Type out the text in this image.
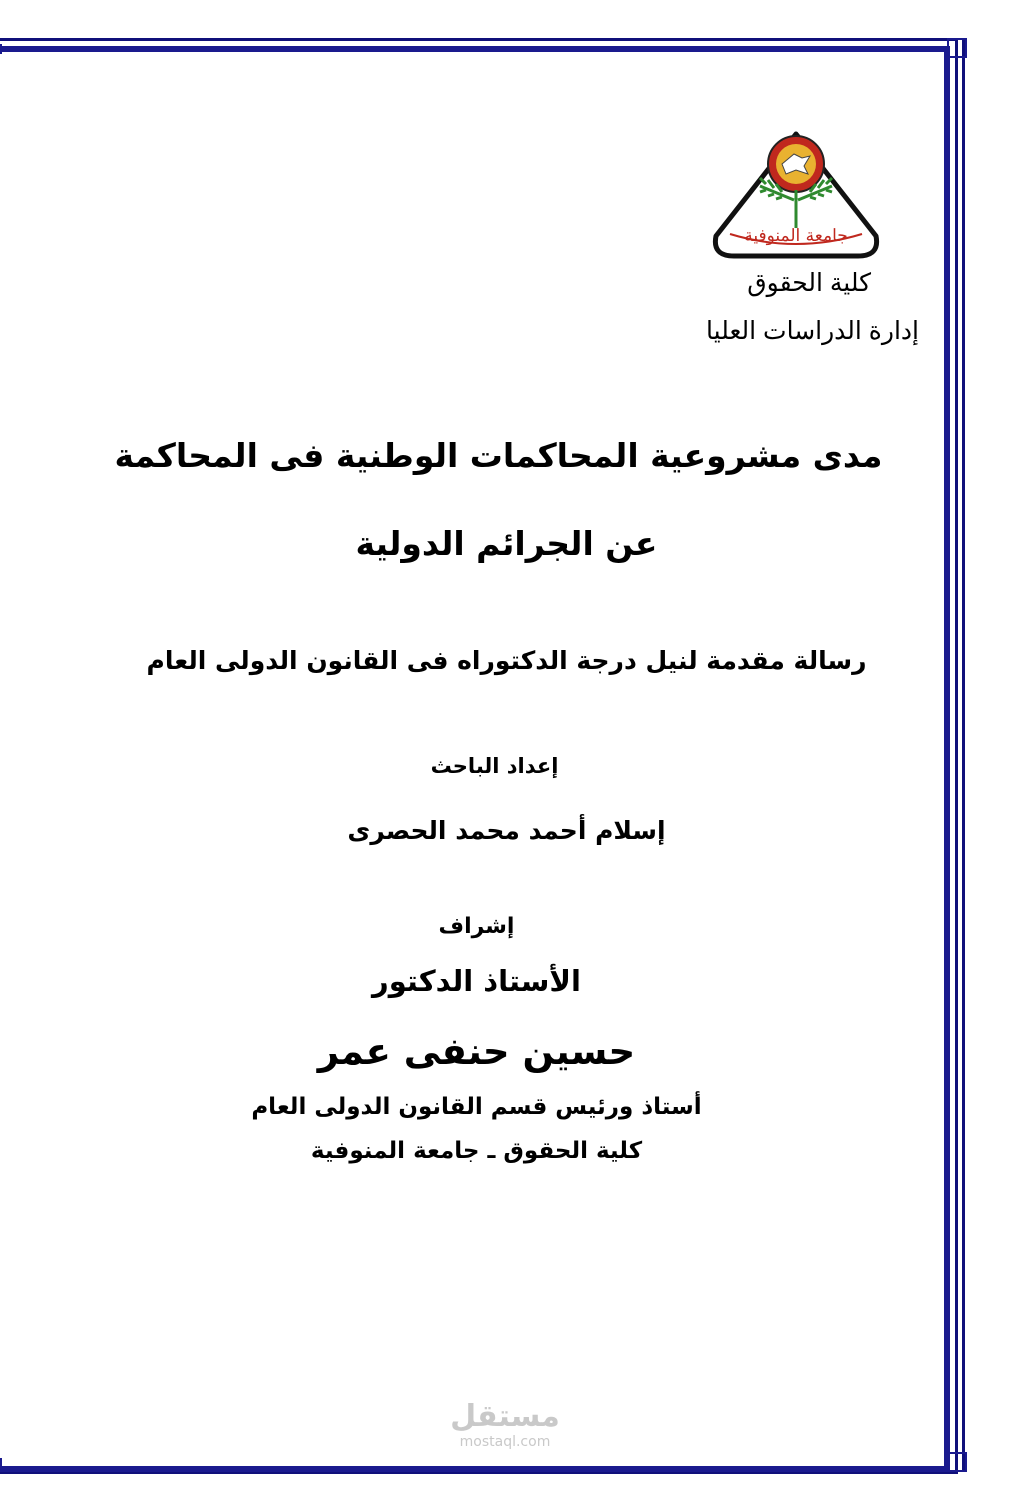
جامعة المنوفية
كلية الحقوق
إدارة الدراسات العليا
مدى مشروعية المحاكمات الوطنية فى المحاكمة
عن الجرائم الدولية
رسالة مقدمة لنيل درجة الدكتوراه فى القانون الدولى العام
إعداد الباحث
إسلام أحمد محمد الحصرى
إشراف
الأستاذ الدكتور
حسين حنفى عمر
أستاذ ورئيس قسم القانون الدولى العام
كلية الحقوق ـ جامعة المنوفية
مستقل
mostaql.com
